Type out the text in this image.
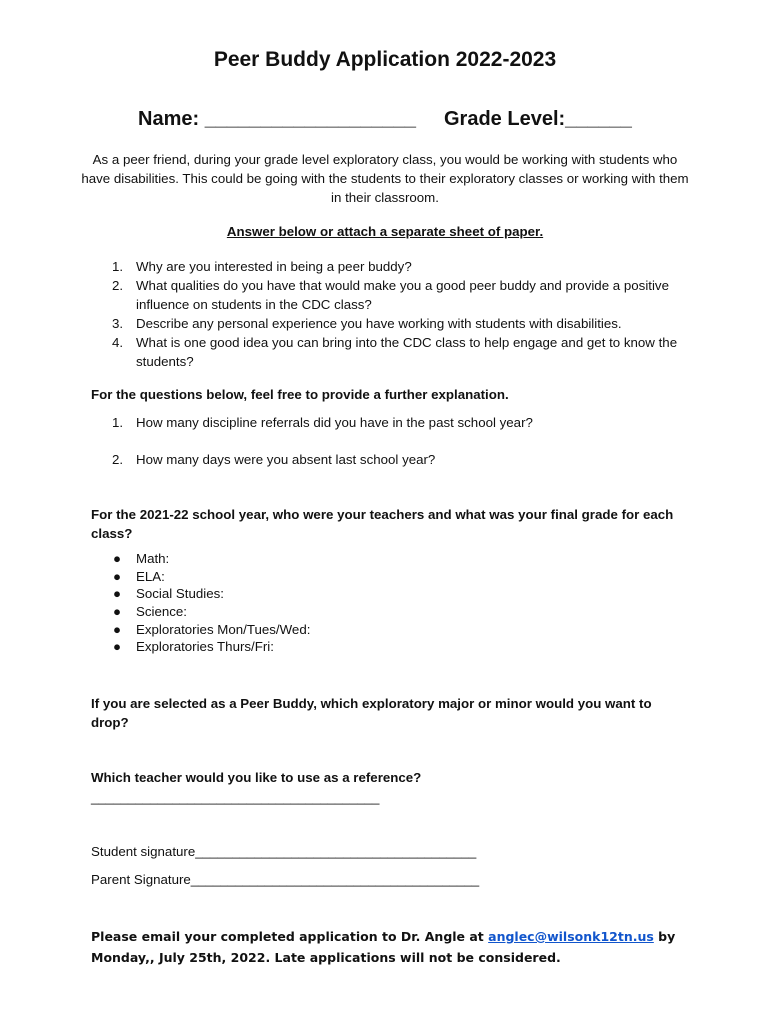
Peer Buddy Application 2022-2023
Name: ___________________ Grade Level:______
As a peer friend, during your grade level exploratory class, you would be working with students who have disabilities. This could be going with the students to their exploratory classes or working with them in their classroom.
Answer below or attach a separate sheet of paper.
1. Why are you interested in being a peer buddy?
2. What qualities do you have that would make you a good peer buddy and provide a positive influence on students in the CDC class?
3. Describe any personal experience you have working with students with disabilities.
4. What is one good idea you can bring into the CDC class to help engage and get to know the students?
For the questions below, feel free to provide a further explanation.
1. How many discipline referrals did you have in the past school year?
2. How many days were you absent last school year?
For the 2021-22 school year, who were your teachers and what was your final grade for each class?
● Math:
● ELA:
● Social Studies:
● Science:
● Exploratories Mon/Tues/Wed:
● Exploratories Thurs/Fri:
If you are selected as a Peer Buddy, which exploratory major or minor would you want to drop?
Which teacher would you like to use as a reference?
_______________________________________
Student signature______________________________________
Parent Signature_______________________________________
Please email your completed application to Dr. Angle at anglec@wilsonk12tn.us by Monday,, July 25th, 2022. Late applications will not be considered.
